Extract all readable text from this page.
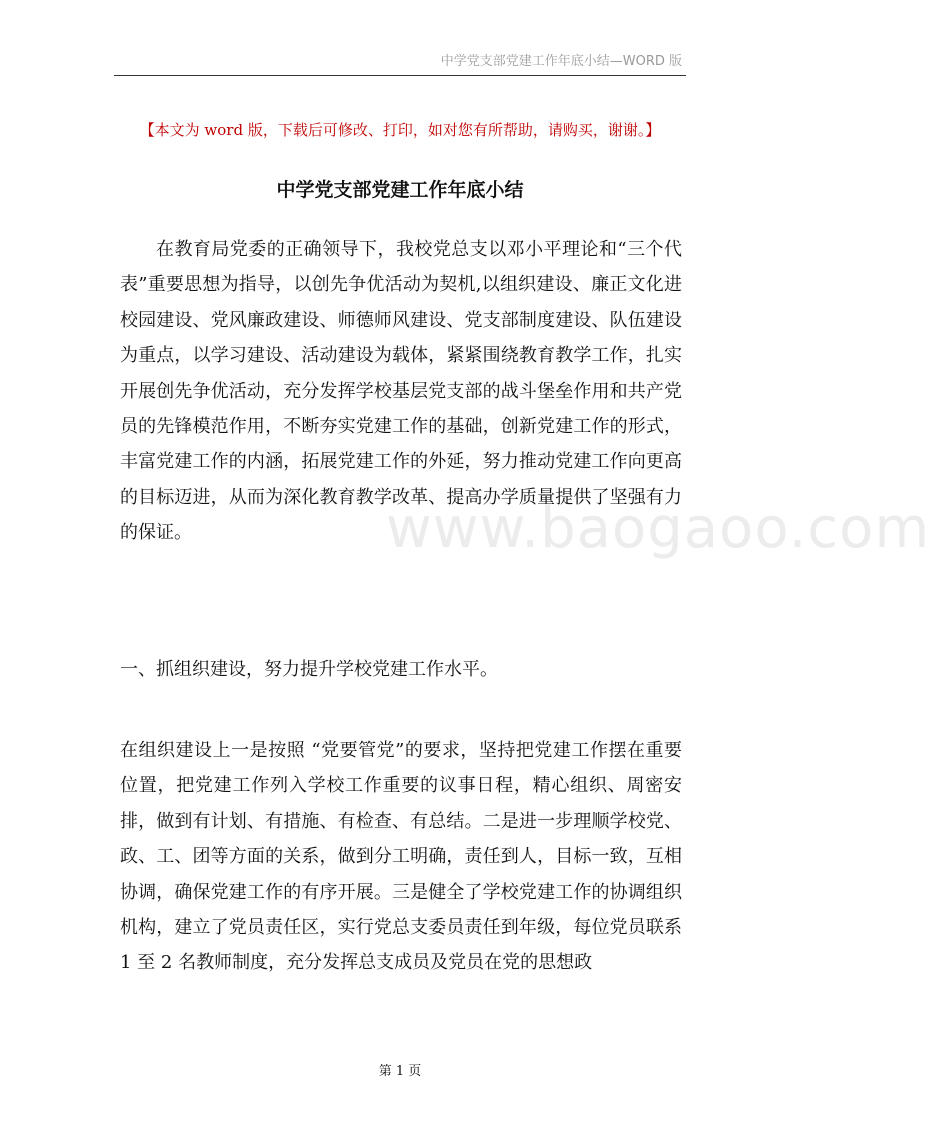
中学党支部党建工作年底小结—WORD 版
【本文为 word 版，下载后可修改、打印，如对您有所帮助，请购买，谢谢。】
中学党支部党建工作年底小结

在教育局党委的正确领导下，我校党总支以邓小平理论和“三个代表”重要思想为指导，以创先争优活动为契机,以组织建设、廉正文化进校园建设、党风廉政建设、师德师风建设、党支部制度建设、队伍建设为重点，以学习建设、活动建设为载体，紧紧围绕教育教学工作，扎实开展创先争优活动，充分发挥学校基层党支部的战斗堡垒作用和共产党员的先锋模范作用，不断夯实党建工作的基础，创新党建工作的形式，丰富党建工作的内涵，拓展党建工作的外延，努力推动党建工作向更高的目标迈进，从而为深化教育教学改革、提高办学质量提供了坚强有力的保证。

一、抓组织建设，努力提升学校党建工作水平。

在组织建设上一是按照 “党要管党”的要求，坚持把党建工作摆在重要位置，把党建工作列入学校工作重要的议事日程，精心组织、周密安排，做到有计划、有措施、有检查、有总结。二是进一步理顺学校党、政、工、团等方面的关系，做到分工明确，责任到人，目标一致，互相协调，确保党建工作的有序开展。三是健全了学校党建工作的协调组织机构，建立了党员责任区，实行党总支委员责任到年级，每位党员联系 1 至 2 名教师制度，充分发挥总支成员及党员在党的思想政

www.baogaoo.com
第 1 页
